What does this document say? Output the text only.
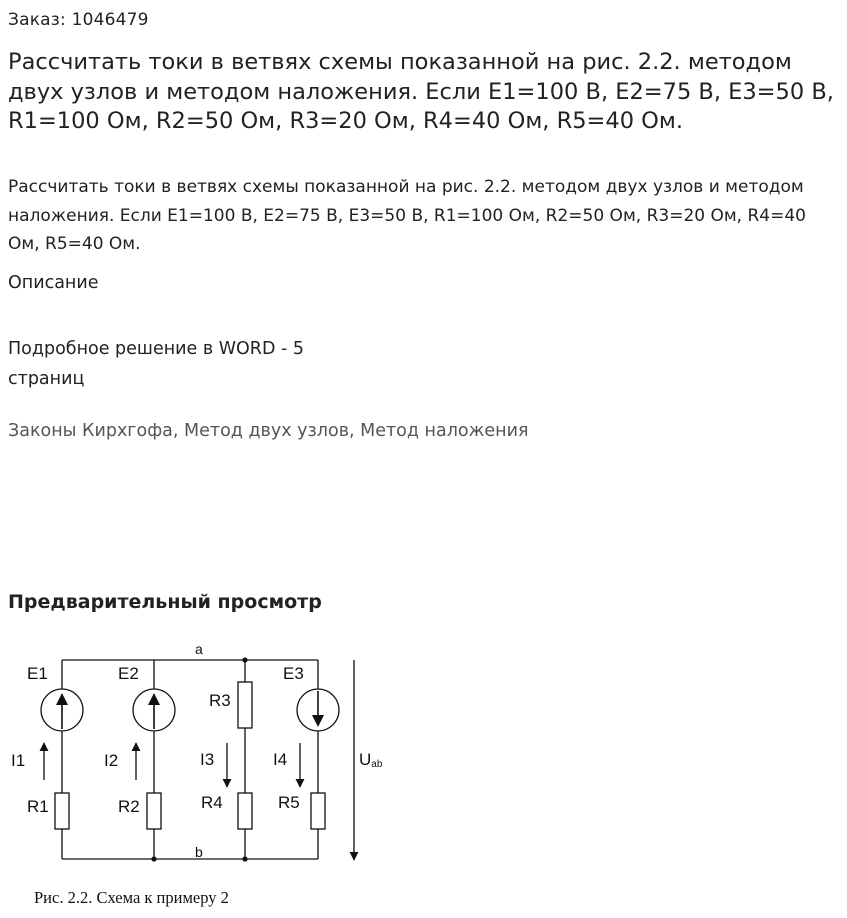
Заказ: 1046479
Рассчитать токи в ветвях схемы показанной на рис. 2.2. методом двух узлов и методом наложения. Если E1=100 В, E2=75 В, E3=50 В, R1=100 Ом, R2=50 Ом, R3=20 Ом, R4=40 Ом, R5=40 Ом.

Рассчитать токи в ветвях схемы показанной на рис. 2.2. методом двух узлов и методом наложения. Если E1=100 В, E2=75 В, E3=50 В, R1=100 Ом, R2=50 Ом, R3=20 Ом, R4=40 Ом, R5=40 Ом.

Описание
Подробное решение в WORD - 5 страниц
Законы Кирхгофа, Метод двух узлов, Метод наложения
Предварительный просмотр
a
b
E1	E2	E3
R3
R1	R2	R4	R5
I1	I2	I3	I4	Uab
Рис. 2.2. Схема к примеру 2
